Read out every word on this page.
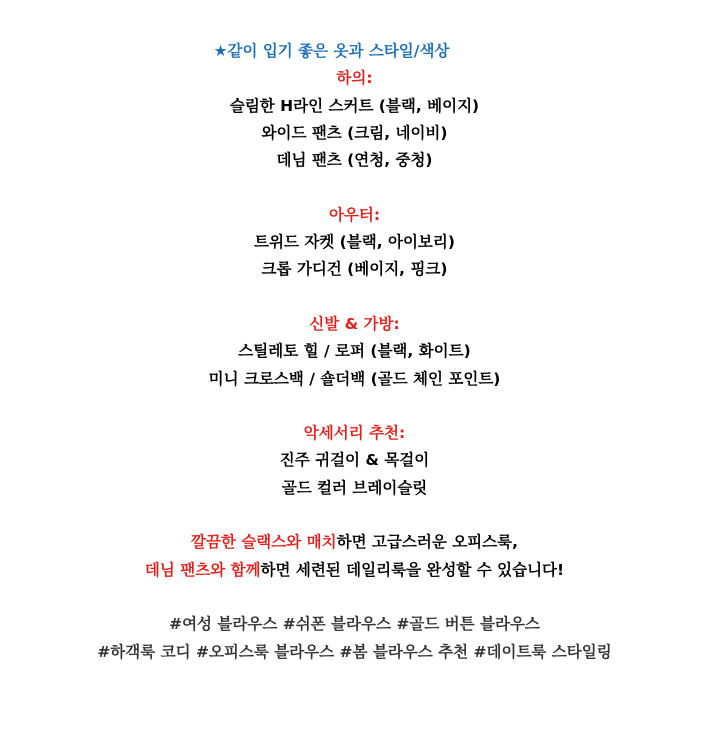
★같이 입기 좋은 옷과 스타일/색상
하의:
슬림한 H라인 스커트 (블랙, 베이지)
와이드 팬츠 (크림, 네이비)
데님 팬츠 (연청, 중청)
아우터:
트위드 자켓 (블랙, 아이보리)
크롭 가디건 (베이지, 핑크)
신발 & 가방:
스틸레토 힐 / 로퍼 (블랙, 화이트)
미니 크로스백 / 숄더백 (골드 체인 포인트)
악세서리 추천:
진주 귀걸이 & 목걸이
골드 컬러 브레이슬릿
깔끔한 슬랙스와 매치하면 고급스러운 오피스룩,
데님 팬츠와 함께하면 세련된 데일리룩을 완성할 수 있습니다!
#여성 블라우스 #쉬폰 블라우스 #골드 버튼 블라우스
#하객룩 코디 #오피스룩 블라우스 #봄 블라우스 추천 #데이트룩 스타일링
